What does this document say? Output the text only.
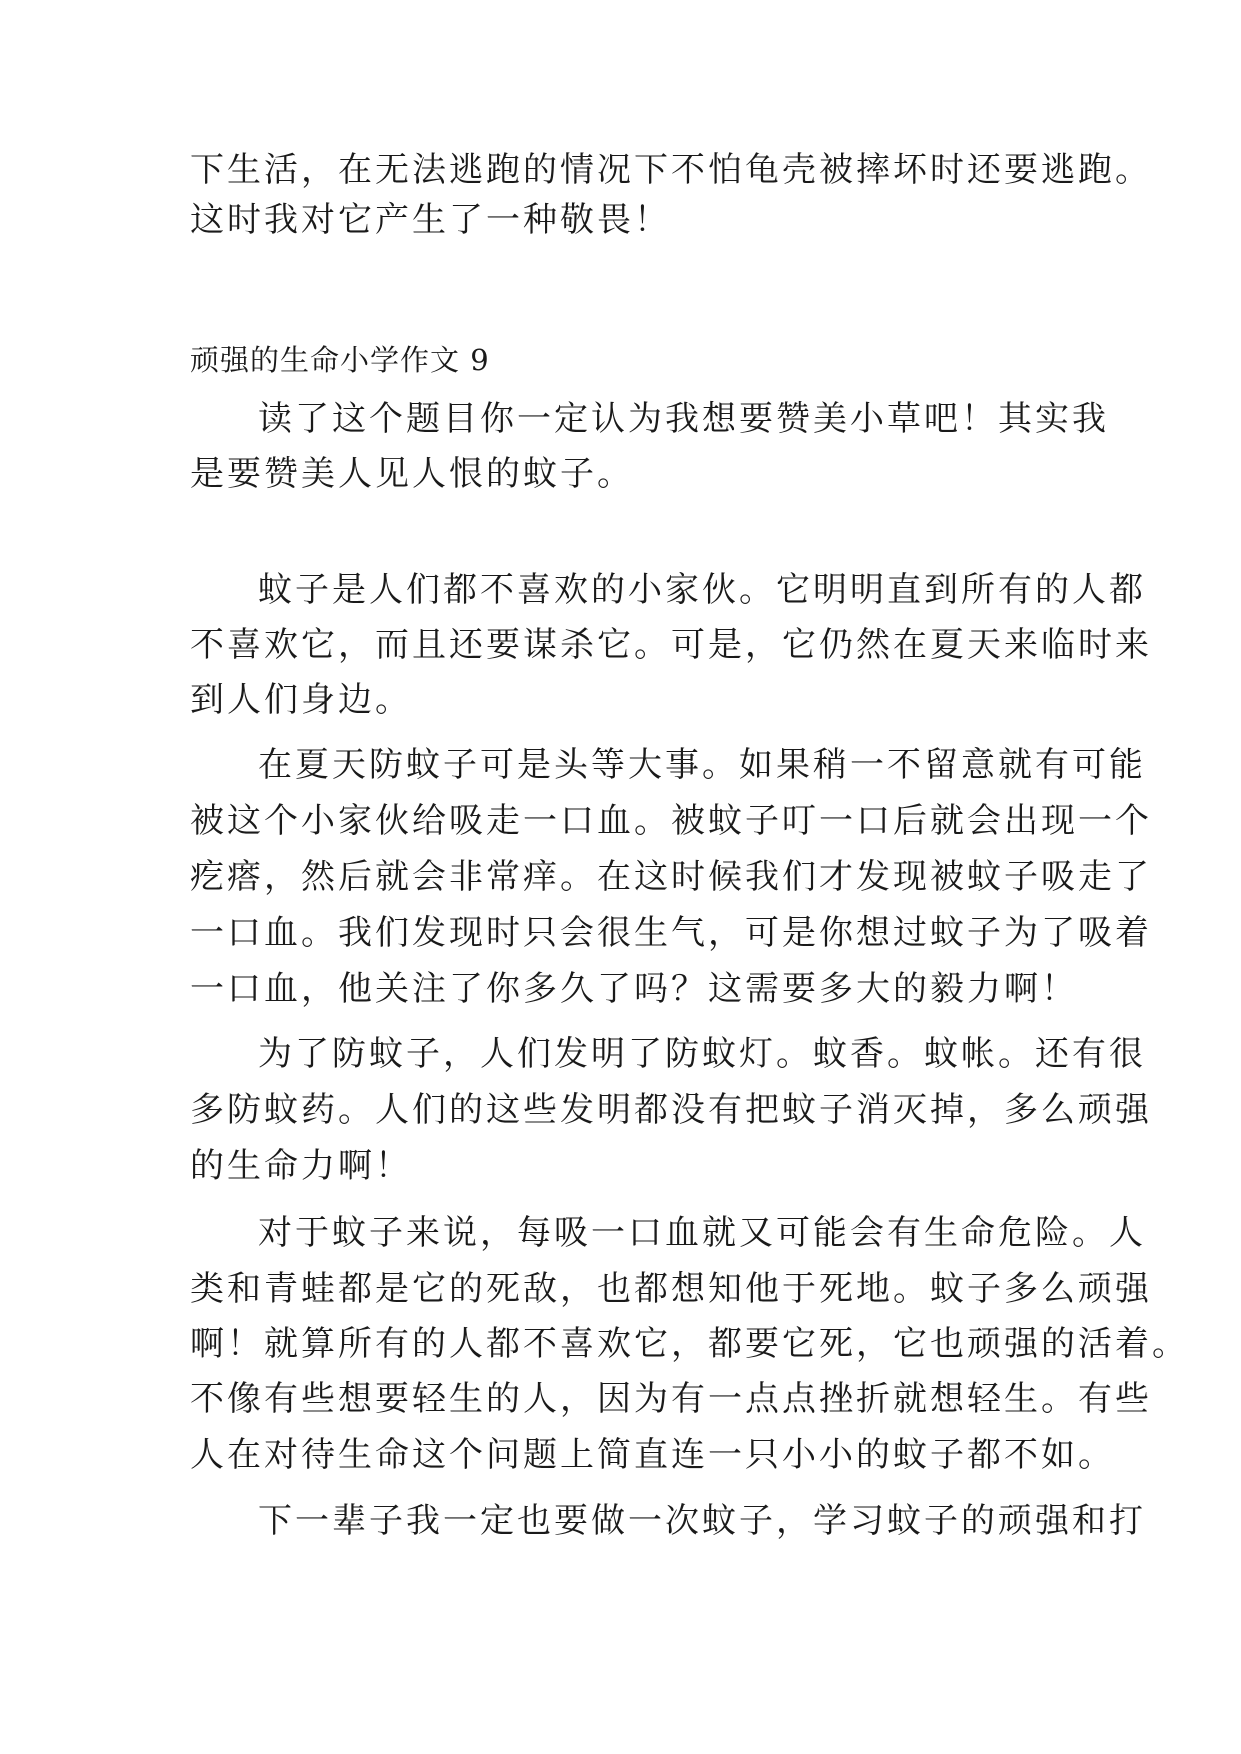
下生活，在无法逃跑的情况下不怕龟壳被摔坏时还要逃跑。
这时我对它产生了一种敬畏！
顽强的生命小学作文 9
读了这个题目你一定认为我想要赞美小草吧！其实我
是要赞美人见人恨的蚊子。
蚊子是人们都不喜欢的小家伙。它明明直到所有的人都
不喜欢它，而且还要谋杀它。可是，它仍然在夏天来临时来
到人们身边。
在夏天防蚊子可是头等大事。如果稍一不留意就有可能
被这个小家伙给吸走一口血。被蚊子叮一口后就会出现一个
疙瘩，然后就会非常痒。在这时候我们才发现被蚊子吸走了
一口血。我们发现时只会很生气，可是你想过蚊子为了吸着
一口血，他关注了你多久了吗？这需要多大的毅力啊！
为了防蚊子，人们发明了防蚊灯。蚊香。蚊帐。还有很
多防蚊药。人们的这些发明都没有把蚊子消灭掉，多么顽强
的生命力啊！
对于蚊子来说，每吸一口血就又可能会有生命危险。人
类和青蛙都是它的死敌，也都想知他于死地。蚊子多么顽强
啊！就算所有的人都不喜欢它，都要它死，它也顽强的活着。
不像有些想要轻生的人，因为有一点点挫折就想轻生。有些
人在对待生命这个问题上简直连一只小小的蚊子都不如。
下一辈子我一定也要做一次蚊子，学习蚊子的顽强和打
